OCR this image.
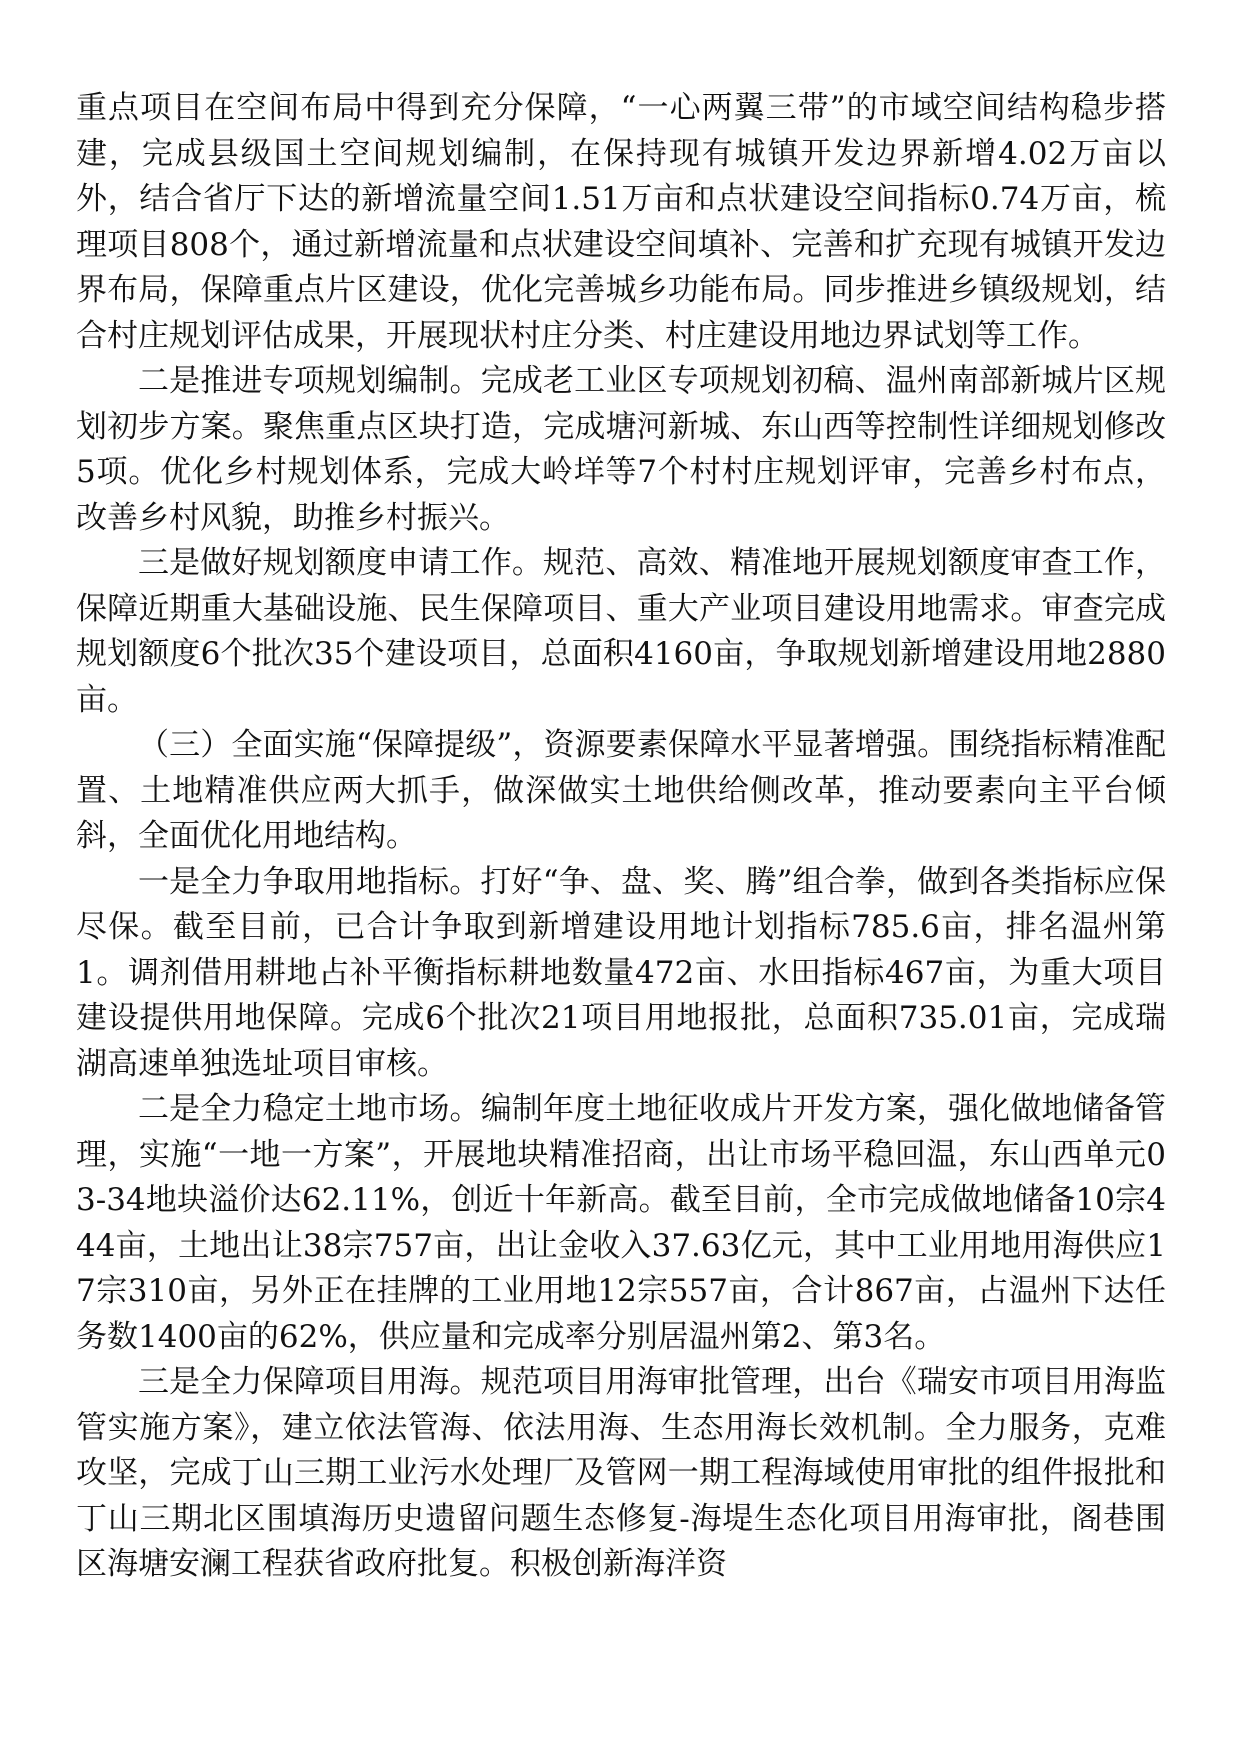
重点项目在空间布局中得到充分保障，“一心两翼三带”的市域空间结构稳步搭建，完成县级国土空间规划编制，在保持现有城镇开发边界新增4.02万亩以外，结合省厅下达的新增流量空间1.51万亩和点状建设空间指标0.74万亩，梳理项目808个，通过新增流量和点状建设空间填补、完善和扩充现有城镇开发边界布局，保障重点片区建设，优化完善城乡功能布局。同步推进乡镇级规划，结合村庄规划评估成果，开展现状村庄分类、村庄建设用地边界试划等工作。

二是推进专项规划编制。完成老工业区专项规划初稿、温州南部新城片区规划初步方案。聚焦重点区块打造，完成塘河新城、东山西等控制性详细规划修改5项。优化乡村规划体系，完成大岭垟等7个村村庄规划评审，完善乡村布点，改善乡村风貌，助推乡村振兴。

三是做好规划额度申请工作。规范、高效、精准地开展规划额度审查工作，保障近期重大基础设施、民生保障项目、重大产业项目建设用地需求。审查完成规划额度6个批次35个建设项目，总面积4160亩，争取规划新增建设用地2880亩。

（三）全面实施“保障提级”，资源要素保障水平显著增强。围绕指标精准配置、土地精准供应两大抓手，做深做实土地供给侧改革，推动要素向主平台倾斜，全面优化用地结构。

一是全力争取用地指标。打好“争、盘、奖、腾”组合拳，做到各类指标应保尽保。截至目前，已合计争取到新增建设用地计划指标785.6亩，排名温州第1。调剂借用耕地占补平衡指标耕地数量472亩、水田指标467亩，为重大项目建设提供用地保障。完成6个批次21项目用地报批，总面积735.01亩，完成瑞湖高速单独选址项目审核。

二是全力稳定土地市场。编制年度土地征收成片开发方案，强化做地储备管理，实施“一地一方案”，开展地块精准招商，出让市场平稳回温，东山西单元03-34地块溢价达62.11%，创近十年新高。截至目前，全市完成做地储备10宗444亩，土地出让38宗757亩，出让金收入37.63亿元，其中工业用地用海供应17宗310亩，另外正在挂牌的工业用地12宗557亩，合计867亩，占温州下达任务数1400亩的62%，供应量和完成率分别居温州第2、第3名。

三是全力保障项目用海。规范项目用海审批管理，出台《瑞安市项目用海监管实施方案》，建立依法管海、依法用海、生态用海长效机制。全力服务，克难攻坚，完成丁山三期工业污水处理厂及管网一期工程海域使用审批的组件报批和丁山三期北区围填海历史遗留问题生态修复-海堤生态化项目用海审批，阁巷围区海塘安澜工程获省政府批复。积极创新海洋资
